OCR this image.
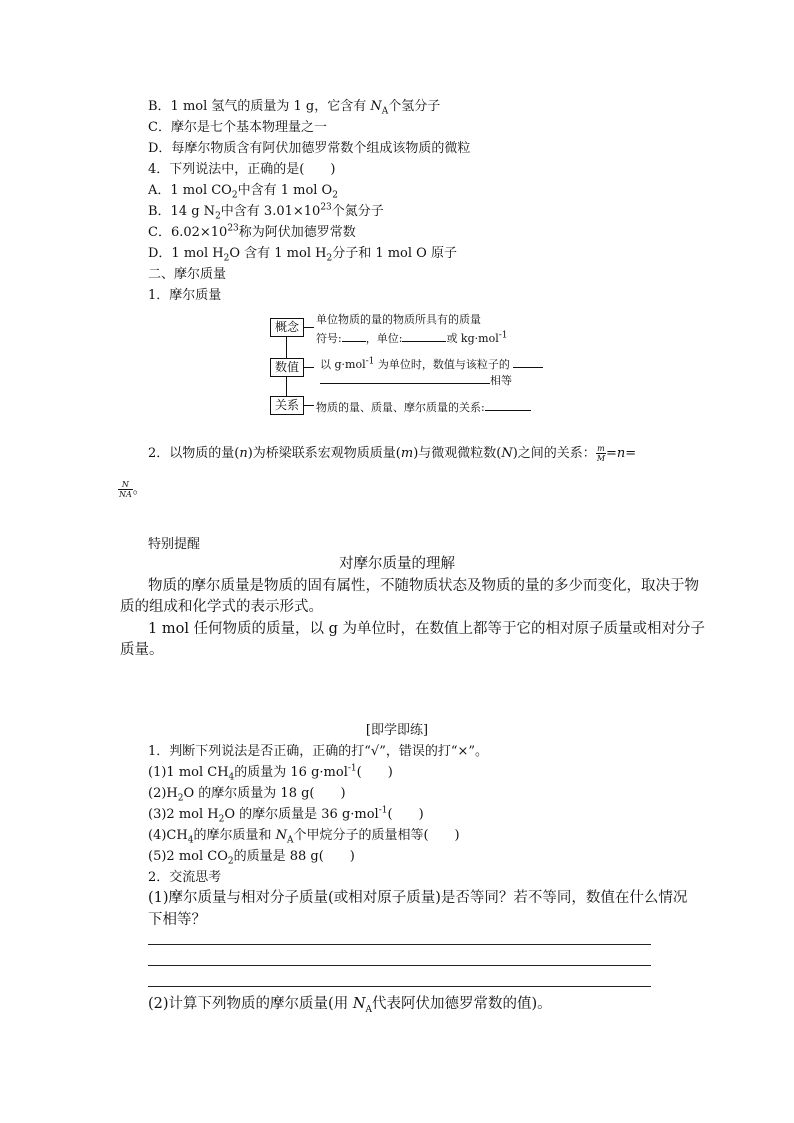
B．1 mol 氢气的质量为 1 g，它含有 $N_A$个氢分子
C．摩尔是七个基本物理量之一
D．每摩尔物质含有阿伏加德罗常数个组成该物质的微粒
4．下列说法中，正确的是(　　)
A．1 mol $CO_2$中含有 1 mol $O_2$
B．14 g $N_2$中含有 $3.01\times 10^{23}$个氮分子
C．$6.02\times 10^{23}$称为阿伏加德罗常数
D．1 mol $H_2O$ 含有 1 mol $H_2$分子和 1 mol O 原子
二、摩尔质量
1．摩尔质量
概念
数值
关系
单位物质的量的物质所具有的质量
符号: ，单位:	或 kg·mol$^{-1}$
以 g·mol$^{-1}$ 为单位时，数值与该粒子的
相等
物质的量、质量、摩尔质量的关系:
2．以物质的量(n)为桥梁联系宏观物质质量(m)与微观微粒数(N)之间的关系： $\frac{m}{M} =n=$
$\frac{N}{NA}$ 。
特别提醒
对摩尔质量的理解
物质的摩尔质量是物质的固有属性，不随物质状态及物质的量的多少而变化，取决于物
质的组成和化学式的表示形式。
1 mol 任何物质的质量，以 g 为单位时，在数值上都等于它的相对原子质量或相对分子
质量。
[即学即练]
1．判断下列说法是否正确，正确的打“√”，错误的打“×”。
(1)1 mol $CH_4$的质量为 16 g·mol$^{-1}$(　　)
$(2)H_2O$ 的摩尔质量为 18 g(　　)
(3)2 mol $H_2O$ 的摩尔质量是 36 g·mol$^{-1}$(　　)
$(4)CH_4$的摩尔质量和 $N_A$个甲烷分子的质量相等(　　)
(5)2 mol $CO_2$的质量是 88 g(　　)
2．交流思考
(1)摩尔质量与相对分子质量(或相对原子质量)是否等同？若不等同，数值在什么情况
下相等？
(2)计算下列物质的摩尔质量(用 $N_A$代表阿伏加德罗常数的值)。
